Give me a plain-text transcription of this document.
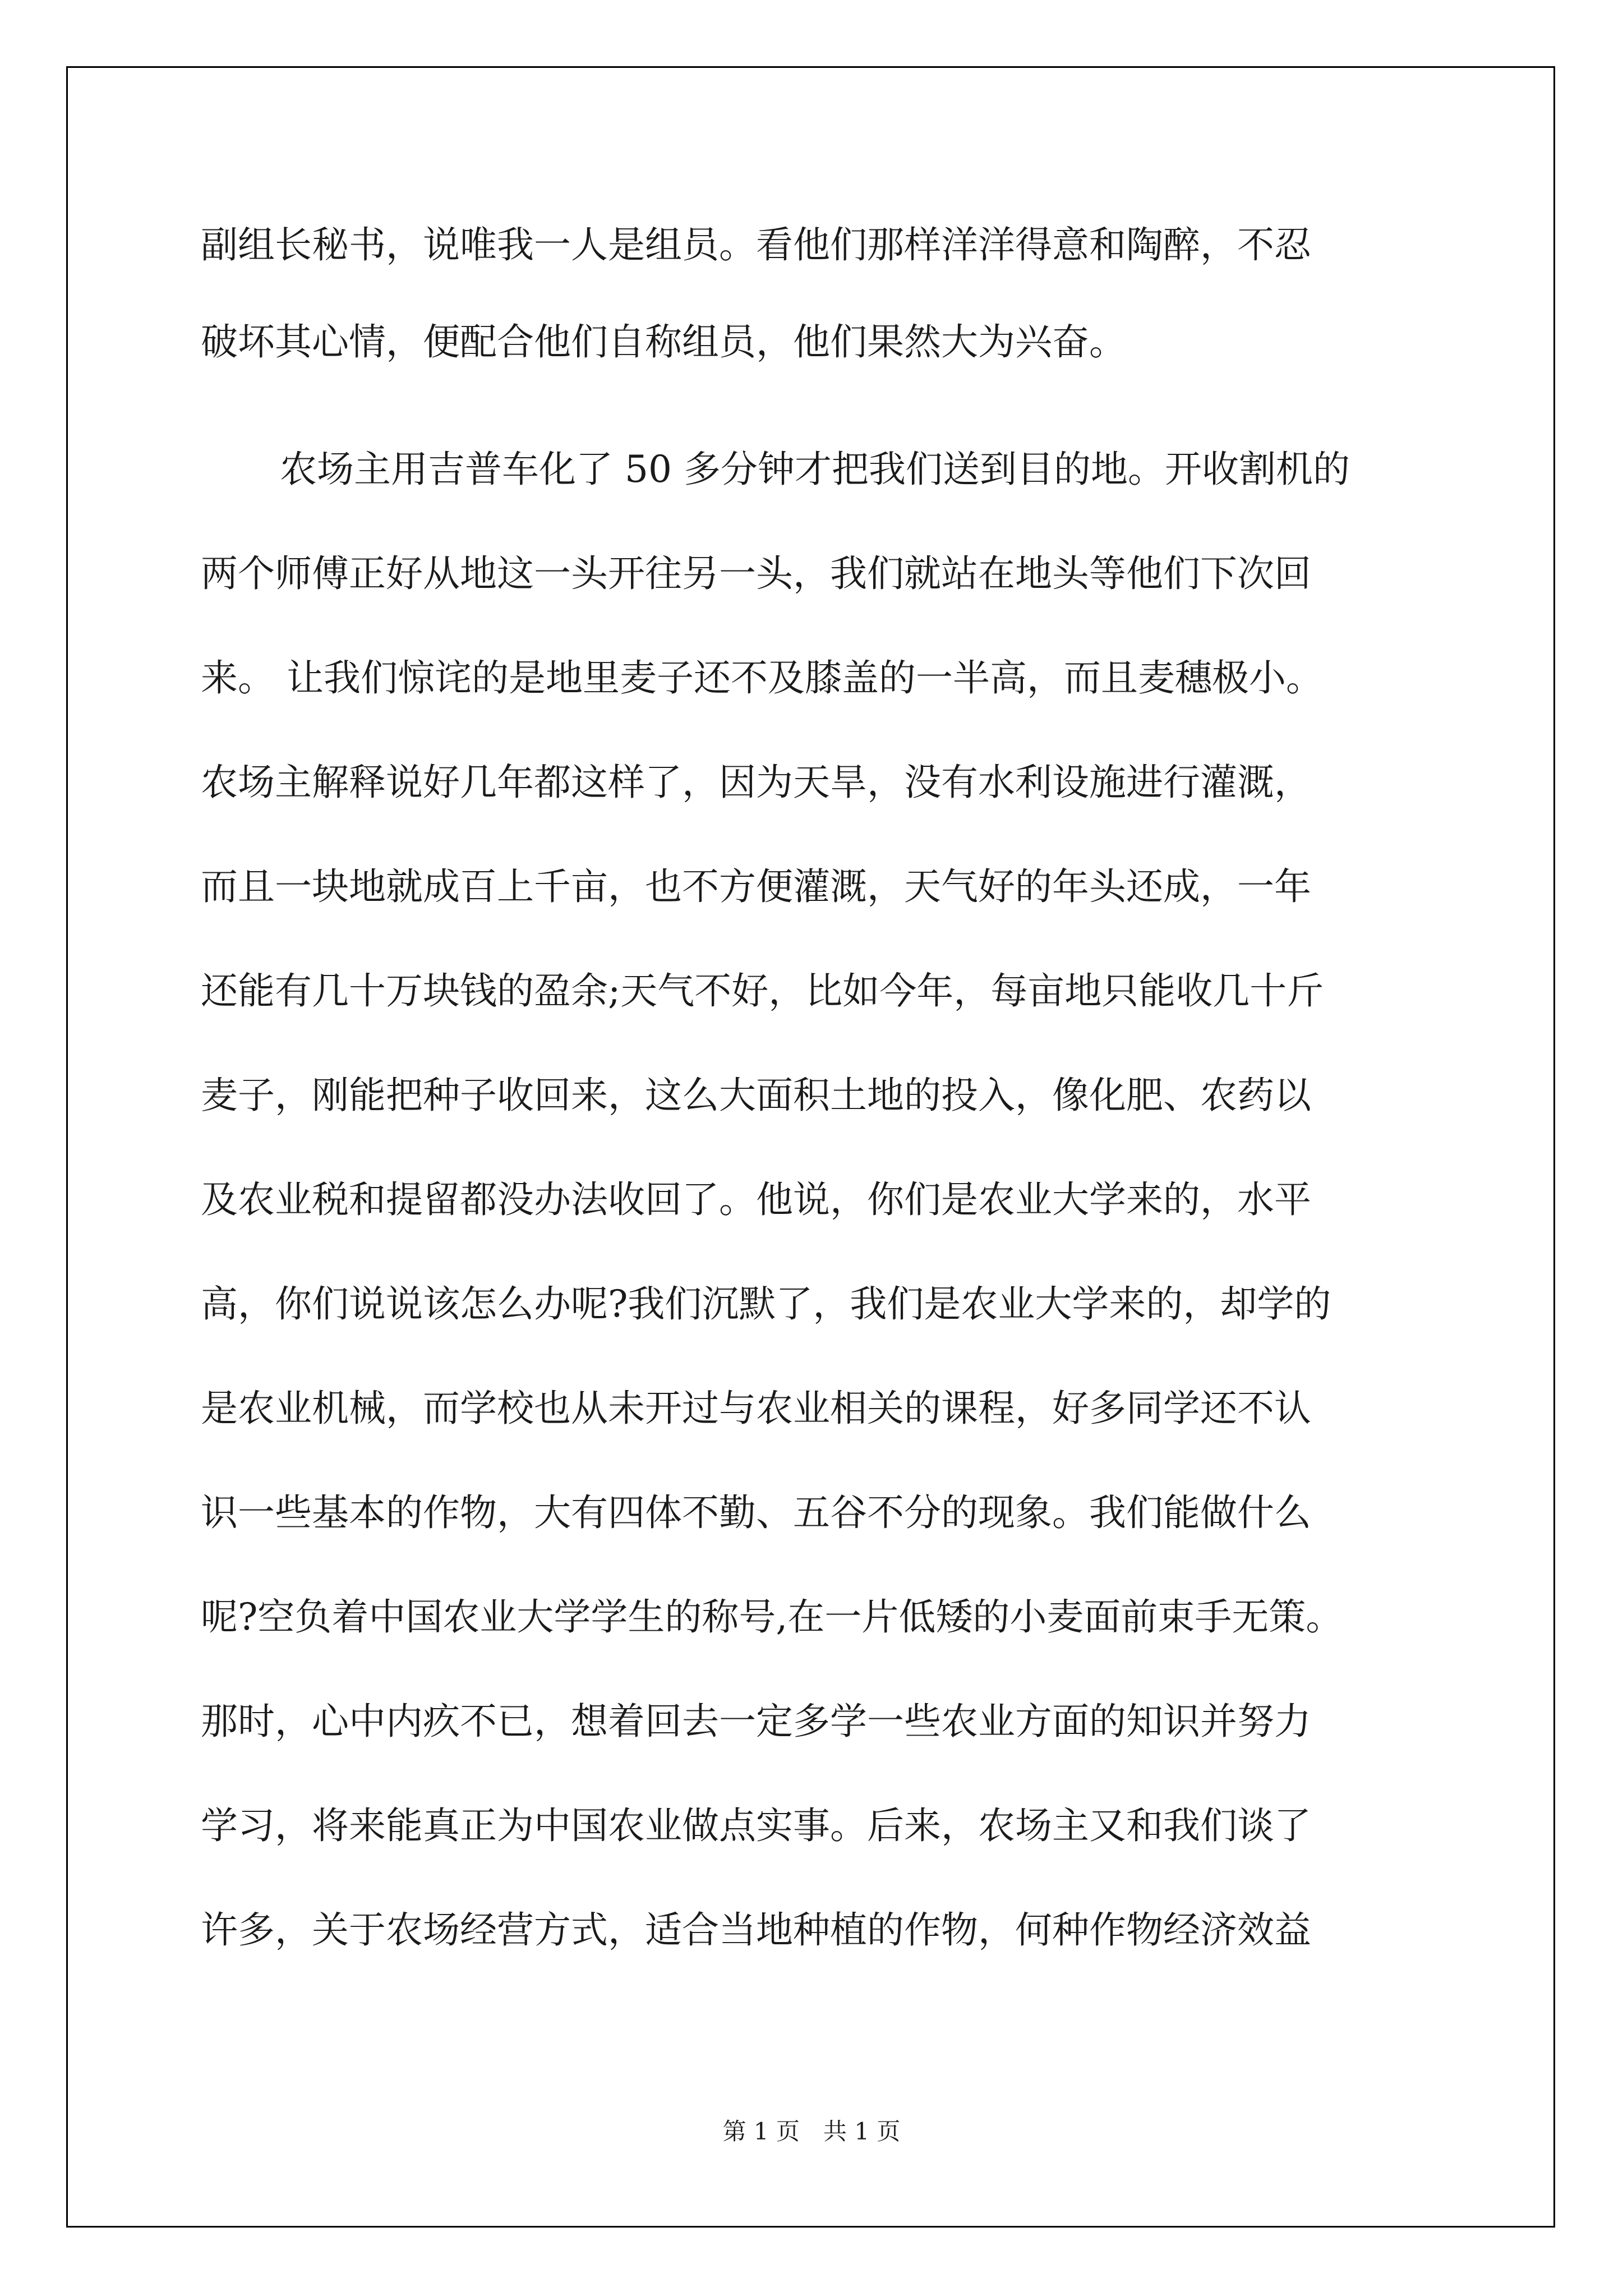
副组长秘书，说唯我一人是组员。看他们那样洋洋得意和陶醉，不忍
破坏其心情，便配合他们自称组员，他们果然大为兴奋。
农场主用吉普车化了 50 多分钟才把我们送到目的地。开收割机的
两个师傅正好从地这一头开往另一头，我们就站在地头等他们下次回
来。 让我们惊诧的是地里麦子还不及膝盖的一半高，而且麦穗极小。
农场主解释说好几年都这样了，因为天旱，没有水利设施进行灌溉，
而且一块地就成百上千亩，也不方便灌溉，天气好的年头还成，一年
还能有几十万块钱的盈余;天气不好，比如今年，每亩地只能收几十斤
麦子，刚能把种子收回来，这么大面积土地的投入，像化肥、农药以
及农业税和提留都没办法收回了。他说，你们是农业大学来的，水平
高，你们说说该怎么办呢?我们沉默了，我们是农业大学来的，却学的
是农业机械，而学校也从未开过与农业相关的课程，好多同学还不认
识一些基本的作物，大有四体不勤、五谷不分的现象。我们能做什么
呢?空负着中国农业大学学生的称号,在一片低矮的小麦面前束手无策。
那时，心中内疚不已，想着回去一定多学一些农业方面的知识并努力
学习，将来能真正为中国农业做点实事。后来，农场主又和我们谈了
许多，关于农场经营方式，适合当地种植的作物，何种作物经济效益
第 1 页　共 1 页
